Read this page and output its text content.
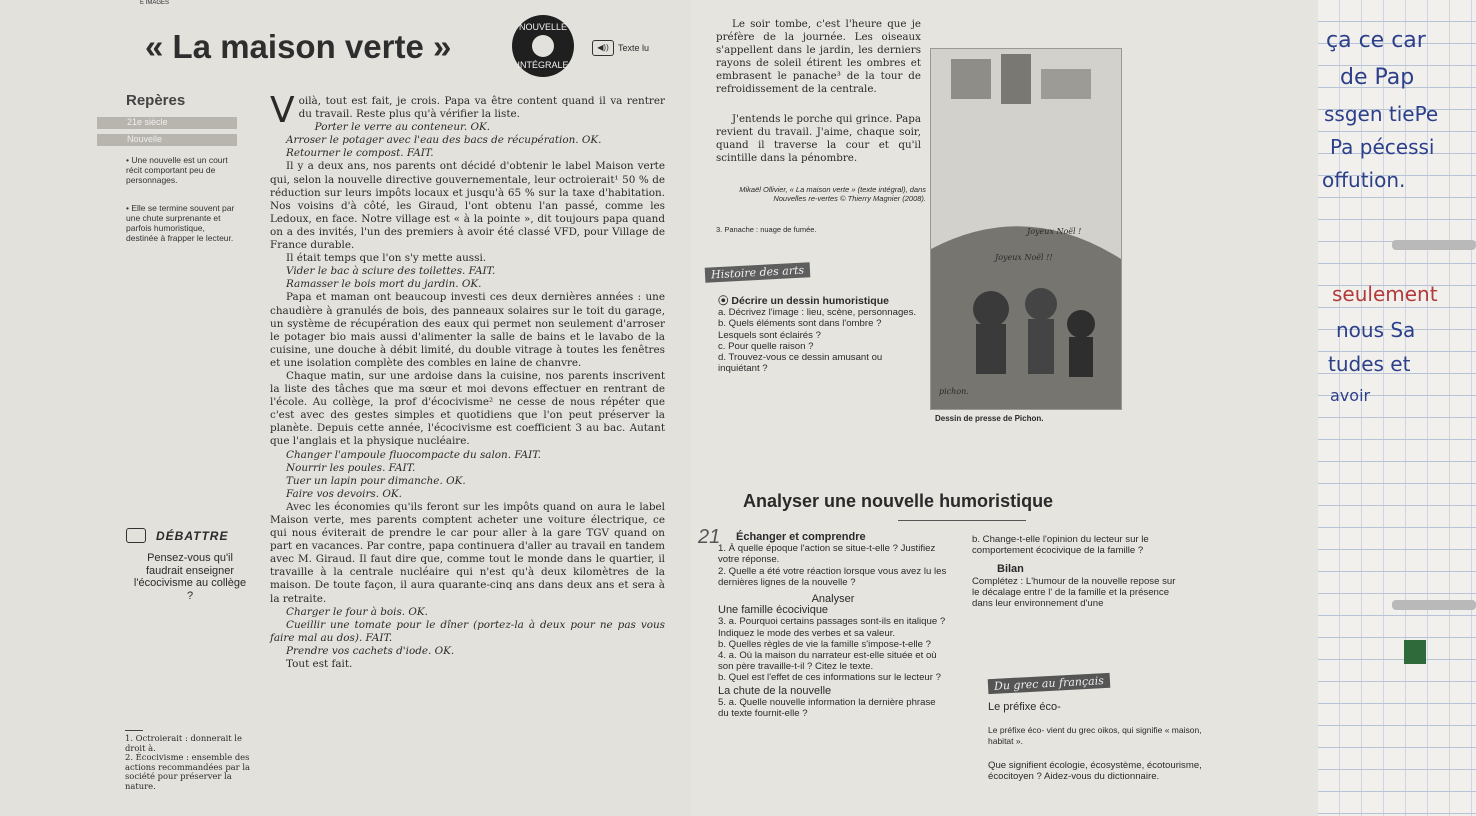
E IMAGES
« La maison verte »
NOUVELLE
INTÉGRALE
◀))	Texte lu
Repères
21e siècle
Nouvelle
• Une nouvelle est un court récit comportant peu de personnages.
• Elle se termine souvent par une chute surprenante et parfois humoristique, destinée à frapper le lecteur.
V oilà, tout est fait, je crois. Papa va être content quand il va rentrer du travail. Reste plus qu'à vérifier la liste.

Porter le verre au conteneur. OK.

Arroser le potager avec l'eau des bacs de récupération. OK.

Retourner le compost. FAIT.

Il y a deux ans, nos parents ont décidé d'obtenir le label Maison verte qui, selon la nouvelle directive gouvernementale, leur octroierait¹ 50 % de réduction sur leurs impôts locaux et jusqu'à 65 % sur la taxe d'habitation. Nos voisins d'à côté, les Giraud, l'ont obtenu l'an passé, comme les Ledoux, en face. Notre village est « à la pointe », dit toujours papa quand on a des invités, l'un des premiers à avoir été classé VFD, pour Village de France durable.

Il était temps que l'on s'y mette aussi.

Vider le bac à sciure des toilettes. FAIT.

Ramasser le bois mort du jardin. OK.

Papa et maman ont beaucoup investi ces deux dernières années : une chaudière à granulés de bois, des panneaux solaires sur le toit du garage, un système de récupération des eaux qui permet non seulement d'arroser le potager bio mais aussi d'alimenter la salle de bains et le lavabo de la cuisine, une douche à débit limité, du double vitrage à toutes les fenêtres et une isolation complète des combles en laine de chanvre.

Chaque matin, sur une ardoise dans la cuisine, nos parents inscrivent la liste des tâches que ma sœur et moi devons effectuer en rentrant de l'école. Au collège, la prof d'écocivisme² ne cesse de nous répéter que c'est avec des gestes simples et quotidiens que l'on peut préserver la planète. Depuis cette année, l'écocivisme est coefficient 3 au bac. Autant que l'anglais et la physique nucléaire.

Changer l'ampoule fluocompacte du salon. FAIT.

Nourrir les poules. FAIT.

Tuer un lapin pour dimanche. OK.

Faire vos devoirs. OK.

Avec les économies qu'ils feront sur les impôts quand on aura le label Maison verte, mes parents comptent acheter une voiture électrique, ce qui nous éviterait de prendre le car pour aller à la gare TGV quand on part en vacances. Par contre, papa continuera d'aller au travail en tandem avec M. Giraud. Il faut dire que, comme tout le monde dans le quartier, il travaille à la centrale nucléaire qui n'est qu'à deux kilomètres de la maison. De toute façon, il aura quarante-cinq ans dans deux ans et sera à la retraite.

Charger le four à bois. OK.

Cueillir une tomate pour le dîner (portez-la à deux pour ne pas vous faire mal au dos). FAIT.

Prendre vos cachets d'iode. OK.

Tout est fait.

DÉBATTRE
Pensez-vous qu'il faudrait enseigner l'écocivisme au collège ?
1. Octroierait : donnerait le droit à.
2. Écocivisme : ensemble des actions recommandées par la société pour préserver la nature.
Le soir tombe, c'est l'heure que je préfère de la journée. Les oiseaux s'appellent dans le jardin, les derniers rayons de soleil étirent les ombres et embrasent le panache³ de la tour de refroidissement de la centrale.
J'entends le porche qui grince. Papa revient du travail. J'aime, chaque soir, quand il traverse la cour et qu'il scintille dans la pénombre.
Mikaël Ollivier, « La maison verte » (texte intégral), dans Nouvelles re-vertes © Thierry Magnier (2008).
3. Panache : nuage de fumée.
Histoire des arts
⦿ Décrire un dessin humoristique
a. Décrivez l'image : lieu, scène, personnages.
b. Quels éléments sont dans l'ombre ? Lesquels sont éclairés ?
c. Pour quelle raison ?
d. Trouvez-vous ce dessin amusant ou inquiétant ?
Joyeux Noël !
Joyeux Noël !!
pichon.
Dessin de presse de Pichon.
Analyser une nouvelle humoristique
21 Échanger et comprendre
1. À quelle époque l'action se situe-t-elle ? Justifiez votre réponse.
2. Quelle a été votre réaction lorsque vous avez lu les dernières lignes de la nouvelle ?
Analyser
Une famille écocivique
3. a. Pourquoi certains passages sont-ils en italique ? Indiquez le mode des verbes et sa valeur.
b. Quelles règles de vie la famille s'impose-t-elle ?
4. a. Où la maison du narrateur est-elle située et où son père travaille-t-il ? Citez le texte.
b. Quel est l'effet de ces informations sur le lecteur ?
La chute de la nouvelle
5. a. Quelle nouvelle information la dernière phrase du texte fournit-elle ?
b. Change-t-elle l'opinion du lecteur sur le comportement écocivique de la famille ?
Bilan
Complétez : L'humour de la nouvelle repose sur le décalage entre l' de la famille et la présence dans leur environnement d'une
Du grec au français
Le préfixe éco-
Le préfixe éco- vient du grec oikos, qui signifie « maison, habitat ».
Que signifient écologie, écosystème, écotourisme, écocitoyen ? Aidez-vous du dictionnaire.
ça ce car
de Pap
ssgen tiePe
Pa pécessi
offution.
seulement
nous Sa
tudes et
avoir
